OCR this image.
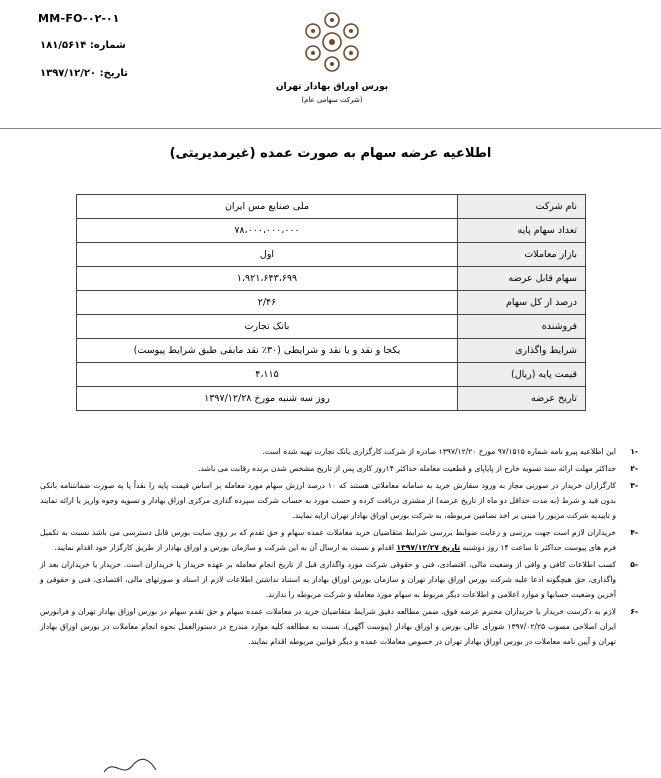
MM-FO-۰۲-۰۱
شماره: ۱۸۱/۵۶۱۴
تاریخ: ۱۳۹۷/۱۲/۲۰
بورس اوراق بهادار تهران
(شرکت سهامی عام)
اطلاعیه عرضه سهام به صورت عمده (غیرمدیریتی)
نام شرکت	ملی صنایع مس ایران
تعداد سهام پایه	۷۸،۰۰۰،۰۰۰،۰۰۰
بازار معاملات	اول
سهام قابل عرضه	۱،۹۲۱،۶۴۳،۶۹۹
درصد از کل سهام	۲/۴۶
فروشنده	بانک تجارت
شرایط واگذاری	یکجا و نقد و یا نقد و شرایطی (۳۰٪ نقد مابقی طبق شرایط پیوست)
قیمت پایه (ریال)	۴،۱۱۵
تاریخ عرضه	روز سه شنبه مورخ ۱۳۹۷/۱۲/۲۸
-۱
این اطلاعیه پیرو نامه شماره ۹۷/۱۵۱۵ مورخ ۱۳۹۷/۱۲/۲۰ صادره از شرکت کارگزاری بانک تجارت تهیه شده است.
-۲
حداکثر مهلت ارائه سند تسویه خارج از پایاپای و قطعیت معامله حداکثر ۱۴روز کاری پس از تاریخ مشخص شدن برنده رقابت می باشد.
-۳
کارگزاران خریدار در صورتی مجاز به ورود سفارش خرید به سامانه معاملاتی هستند که ۱۰ درصد ارزش سهام مورد معامله بر اساس قیمت پایه را نقداً یا به صورت ضمانتنامه بانکی بدون قید و شرط (به مدت حداقل دو ماه از تاریخ عرضه) از مشتری دریافت کرده و حسب مورد به حساب شرکت سپرده گذاری مرکزی اوراق بهادار و تسویه وجوه واریز یا ارائه نمایند و تاییدیه شرکت مزبور را مبنی بر اخذ تضامین مربوطه، به شرکت بورس اوراق بهادار تهران ارایه نمایند.
-۴
خریداران لازم است جهت بررسی و رعایت ضوابط بررسی شرایط متقاضیان خرید معاملات عمده سهام و حق تقدم که بر روی سایت بورس قابل دسترسی می باشد نسبت به تکمیل فرم های پیوست حداکثر تا ساعت ۱۴ روز دوشنبه تاریخ ۱۳۹۷/۱۲/۲۷ اقدام و نسبت به ارسال آن به این شرکت و سازمان بورس و اوراق بهادار از طریق کارگزار خود اقدام نمایند.
-۵
کسب اطلاعات کافی و وافی از وضعیت مالی، اقتصادی، فنی و حقوقی شرکت مورد واگذاری قبل از تاریخ انجام معامله بر عهده خریدار یا خریداران است. خریدار یا خریداران بعد از واگذاری، حق هیچگونه ادعا علیه شرکت بورس اوراق بهادار تهران و سازمان بورس اوراق بهادار به استناد نداشتن اطلاعات لازم از اسناد و صورتهای مالی، اقتصادی، فنی و حقوقی و آخرین وضعیت حسابها و موارد اعلامی و اطلاعات دیگر مربوط به سهام مورد معامله و شرکت مربوطه را ندارند.
-۶
لازم به ذکرست خریدار یا خریداران محترم عرضه فوق، ضمن مطالعه دقیق شرایط متقاضیان خرید در معاملات عمده سهام و حق تقدم سهام در بورس اوراق بهادار تهران و فرابورس ایران اصلاحی مصوب ۱۳۹۷/۰۲/۲۵ شورای عالی بورس و اوراق بهادار (پیوست آگهی)، نسبت به مطالعه کلیه موارد مندرج در دستورالعمل نحوه انجام معاملات در بورس اوراق بهادار تهران و آیین نامه معاملات در بورس اوراق بهادار تهران در خصوص معاملات عمده و دیگر قوانین مربوطه اقدام نمایند.
